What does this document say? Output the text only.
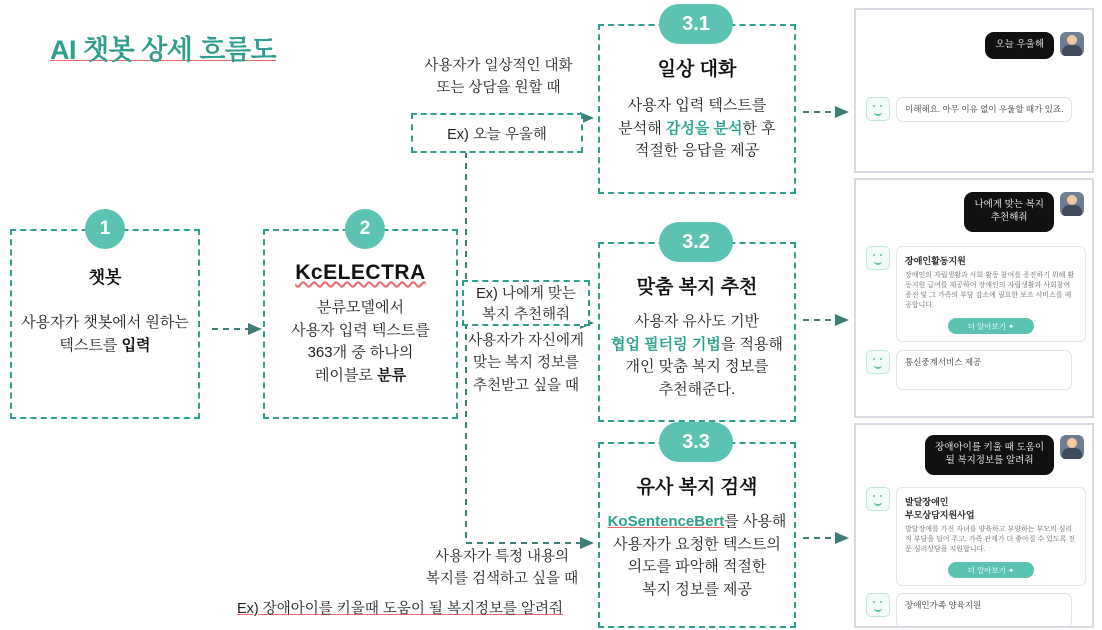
AI 챗봇 상세 흐름도
1
챗봇
사용자가 챗봇에서 원하는
텍스트를 입력
2
KcELECTRA
분류모델에서
사용자 입력 텍스트를
363개 중 하나의
레이블로 분류
사용자가 일상적인 대화
또는 상담을 원할 때
Ex) 오늘 우울해
Ex) 나에게 맞는
복지 추천해줘
사용자가 자신에게
맞는 복지 정보를
추천받고 싶을 때
사용자가 특정 내용의
복지를 검색하고 싶을 때
Ex) 장애아이를 키울때 도움이 될 복지정보를 알려줘
3.1
일상 대화
사용자 입력 텍스트를
분석해 감성을 분석한 후
적절한 응답을 제공
3.2
맞춤 복지 추천
사용자 유사도 기반
협업 필터링 기법을 적용해
개인 맞춤 복지 정보를
추천해준다.
3.3
유사 복지 검색
KoSentenceBert를 사용해
사용자가 요청한 텍스트의
의도를 파악해 적절한
복지 정보를 제공
오늘 우울해
이해해요. 아무 이유 없이 우울할 때가 있죠.
나에게 맞는 복지
추천해줘
장애인활동지원
장애인의 자립생활과 사회 활동 참여를 증진하기 위해 활동지원 급여를 제공하여 장애인의 자립생활과 사회참여 증진 및 그 가족의 부담 감소에 필요한 보조 서비스를 제공합니다.
더 알아보기 ✦
통신중계서비스 제공
장애아이를 키울 때 도움이
될 복지정보를 알려줘
발달장애인
부모상담지원사업
발달장애를 가진 자녀를 양육하고 부양하는 부모의 심리적 부담을 덜어 주고, 가족 관계가 더 좋아질 수 있도록 전문 심리상담을 지원합니다.
더 알아보기 ✦
장애인가족 양육지원
